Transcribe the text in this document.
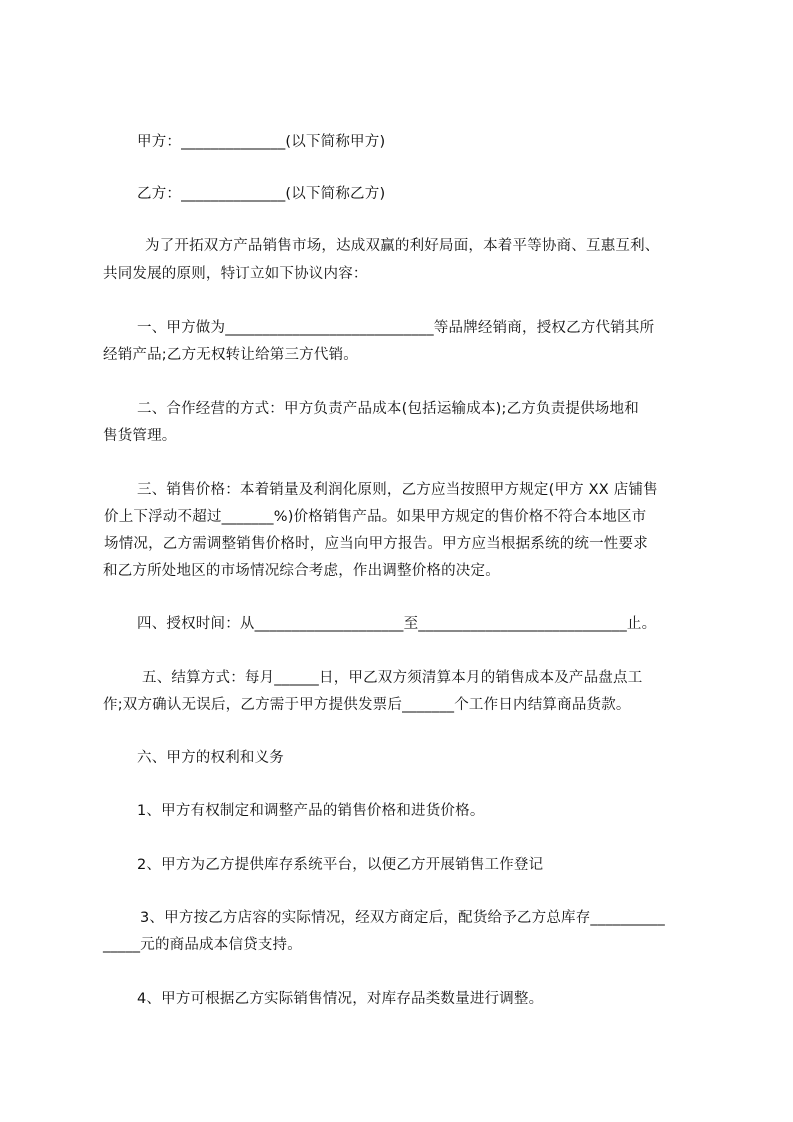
甲方：______________(以下简称甲方)
乙方：______________(以下简称乙方)
为了开拓双方产品销售市场，达成双赢的利好局面，本着平等协商、互惠互利、
共同发展的原则，特订立如下协议内容：
一、甲方做为____________________________等品牌经销商，授权乙方代销其所
经销产品;乙方无权转让给第三方代销。
二、合作经营的方式：甲方负责产品成本(包括运输成本);乙方负责提供场地和
售货管理。
三、销售价格：本着销量及利润化原则，乙方应当按照甲方规定(甲方 XX 店铺售
价上下浮动不超过_______%)价格销售产品。如果甲方规定的售价格不符合本地区市
场情况，乙方需调整销售价格时，应当向甲方报告。甲方应当根据系统的统一性要求
和乙方所处地区的市场情况综合考虑，作出调整价格的决定。
四、授权时间：从____________________至____________________________止。
五、结算方式：每月______日，甲乙双方须清算本月的销售成本及产品盘点工
作;双方确认无误后，乙方需于甲方提供发票后_______个工作日内结算商品货款。
六、甲方的权利和义务
1、甲方有权制定和调整产品的销售价格和进货价格。
2、甲方为乙方提供库存系统平台，以便乙方开展销售工作登记
3、甲方按乙方店容的实际情况，经双方商定后，配货给予乙方总库存__________
_____元的商品成本信贷支持。
4、甲方可根据乙方实际销售情况，对库存品类数量进行调整。
